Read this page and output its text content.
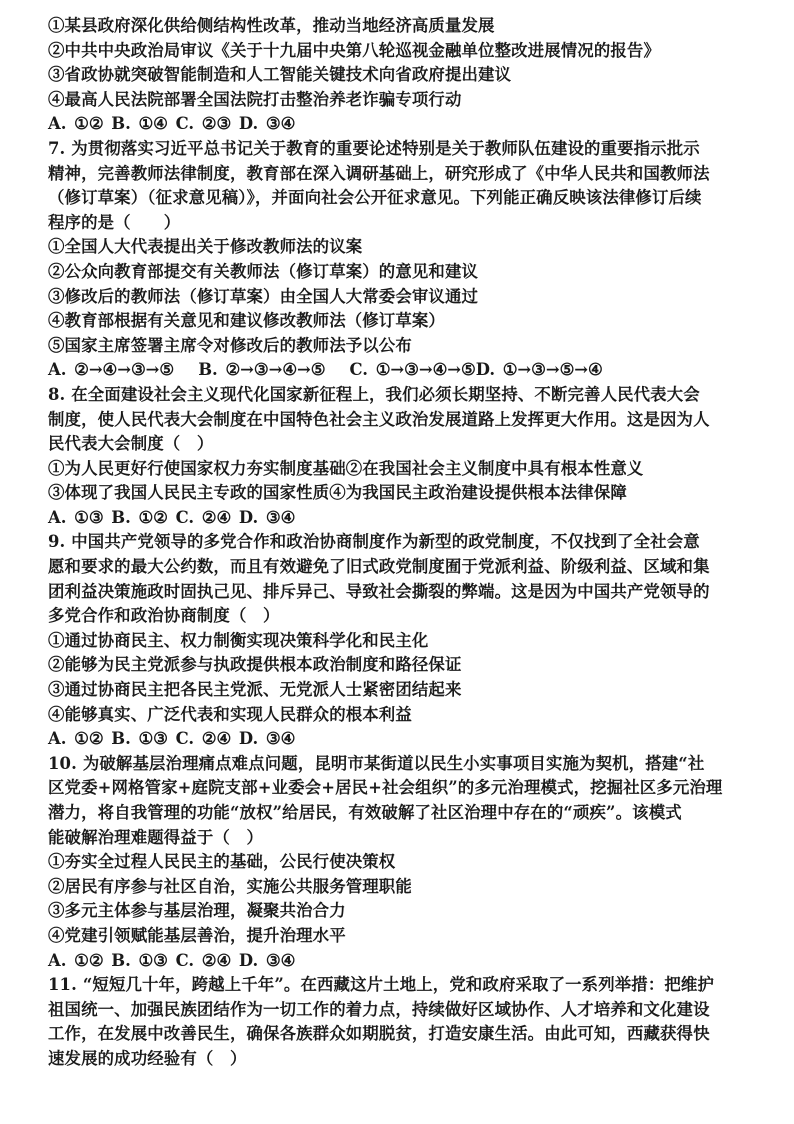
①某县政府深化供给侧结构性改革，推动当地经济高质量发展
②中共中央政治局审议《关于十九届中央第八轮巡视金融单位整改进展情况的报告》
③省政协就突破智能制造和人工智能关键技术向省政府提出建议
④最高人民法院部署全国法院打击整治养老诈骗专项行动
A. ①② B. ①④ C. ②③ D. ③④
7. 为贯彻落实习近平总书记关于教育的重要论述特别是关于教师队伍建设的重要指示批示
精神，完善教师法律制度，教育部在深入调研基础上，研究形成了《中华人民共和国教师法
（修订草案）（征求意见稿）》，并面向社会公开征求意见。下列能正确反映该法律修订后续
程序的是（　　）
①全国人大代表提出关于修改教师法的议案
②公众向教育部提交有关教师法（修订草案）的意见和建议
③修改后的教师法（修订草案）由全国人大常委会审议通过
④教育部根据有关意见和建议修改教师法（修订草案）
⑤国家主席签署主席令对修改后的教师法予以公布
A. ②→④→③→⑤　 B. ②→③→④→⑤　 C. ①→③→④→⑤D. ①→③→⑤→④
8. 在全面建设社会主义现代化国家新征程上，我们必须长期坚持、不断完善人民代表大会
制度，使人民代表大会制度在中国特色社会主义政治发展道路上发挥更大作用。这是因为人
民代表大会制度（　）
①为人民更好行使国家权力夯实制度基础②在我国社会主义制度中具有根本性意义
③体现了我国人民民主专政的国家性质④为我国民主政治建设提供根本法律保障
A. ①③ B. ①② C. ②④ D. ③④
9. 中国共产党领导的多党合作和政治协商制度作为新型的政党制度，不仅找到了全社会意
愿和要求的最大公约数，而且有效避免了旧式政党制度囿于党派利益、阶级利益、区域和集
团利益决策施政时固执己见、排斥异己、导致社会撕裂的弊端。这是因为中国共产党领导的
多党合作和政治协商制度（　）
①通过协商民主、权力制衡实现决策科学化和民主化
②能够为民主党派参与执政提供根本政治制度和路径保证
③通过协商民主把各民主党派、无党派人士紧密团结起来
④能够真实、广泛代表和实现人民群众的根本利益
A. ①② B. ①③ C. ②④ D. ③④
10. 为破解基层治理痛点难点问题，昆明市某街道以民生小实事项目实施为契机，搭建“社
区党委+网格管家+庭院支部+业委会+居民+社会组织”的多元治理模式，挖掘社区多元治理
潜力，将自我管理的功能“放权”给居民，有效破解了社区治理中存在的“顽疾”。该模式
能破解治理难题得益于（　）
①夯实全过程人民民主的基础，公民行使决策权
②居民有序参与社区自治，实施公共服务管理职能
③多元主体参与基层治理，凝聚共治合力
④党建引领赋能基层善治，提升治理水平
A. ①② B. ①③ C. ②④ D. ③④
11. “短短几十年，跨越上千年”。在西藏这片土地上，党和政府采取了一系列举措：把维护
祖国统一、加强民族团结作为一切工作的着力点，持续做好区域协作、人才培养和文化建设
工作，在发展中改善民生，确保各族群众如期脱贫，打造安康生活。由此可知，西藏获得快
速发展的成功经验有（　）
